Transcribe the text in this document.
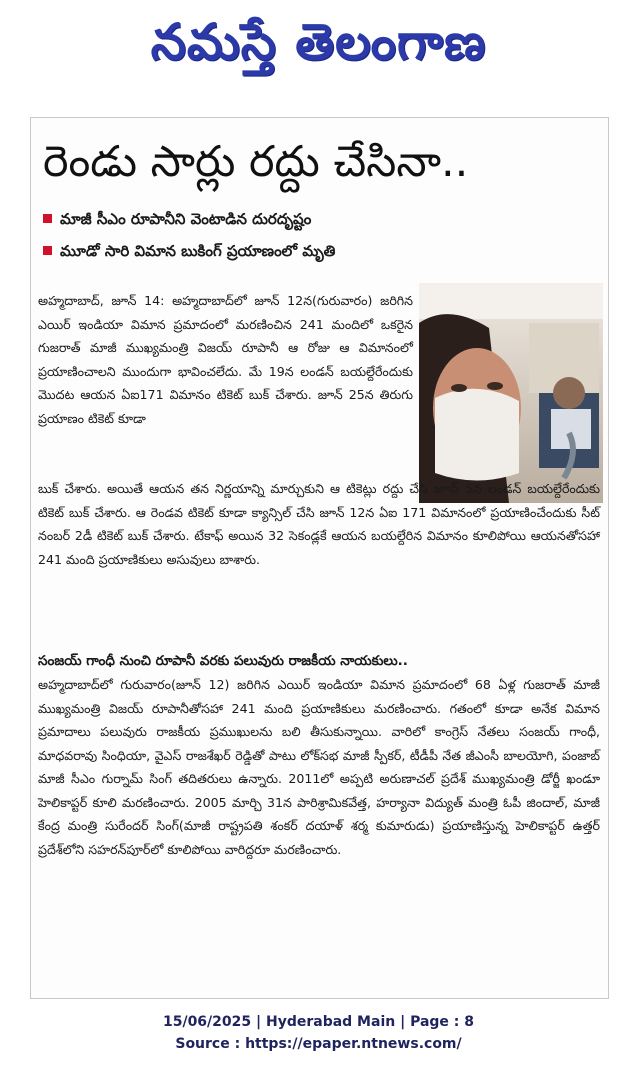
నమస్తే తెలంగాణ
రెండు సార్లు రద్దు చేసినా..
మాజీ సీఎం రూపానీని వెంటాడిన దురదృష్టం
మూడో సారి విమాన బుకింగ్ ప్రయాణంలో మృతి

అహ్మదాబాద్, జూన్ 14: అహ్మదాబాద్‌లో జూన్ 12న(గురువారం) జరిగిన ఎయిర్ ఇండియా విమాన ప్రమాదంలో మరణించిన 241 మందిలో ఒకరైన గుజరాత్ మాజీ ముఖ్యమంత్రి విజయ్ రూపానీ ఆ రోజు ఆ విమానంలో ప్రయాణించాలని ముందుగా భావించలేదు. మే 19న లండన్ బయల్దేరేందుకు మొదట ఆయన ఏఐ171 విమానం టికెట్ బుక్ చేశారు. జూన్ 25న తిరుగు ప్రయాణం టికెట్ కూడా

బుక్ చేశారు. అయితే ఆయన తన నిర్ణయాన్ని మార్చుకుని ఆ టికెట్లు రద్దు చేసి జూన్ 5న లండన్ బయల్దేరేందుకు టికెట్ బుక్ చేశారు. ఆ రెండవ టికెట్ కూడా క్యాన్సిల్ చేసి జూన్ 12న ఏఐ 171 విమానంలో ప్రయాణించేందుకు సీట్ నంబర్ 2డీ టికెట్ బుక్ చేశారు. టేకాఫ్ అయిన 32 సెకండ్లకే ఆయన బయల్దేరిన విమానం కూలిపోయి ఆయనతోసహా 241 మంది ప్రయాణికులు అసువులు బాశారు.

సంజయ్ గాంధీ నుంచి రూపానీ వరకు పలువురు రాజకీయ నాయకులు..

అహ్మదాబాద్‌లో గురువారం(జూన్ 12) జరిగిన ఎయిర్ ఇండియా విమాన ప్రమాదంలో 68 ఏళ్ల గుజరాత్ మాజీ ముఖ్యమంత్రి విజయ్ రూపానీతోసహా 241 మంది ప్రయాణికులు మరణించారు. గతంలో కూడా అనేక విమాన ప్రమాదాలు పలువురు రాజకీయ ప్రముఖులను బలి తీసుకున్నాయి. వారిలో కాంగ్రెస్ నేతలు సంజయ్ గాంధీ, మాధవరావు సింధియా, వైఎస్ రాజశేఖర్ రెడ్డితో పాటు లోక్‌సభ మాజీ స్పీకర్, టీడీపీ నేత జీఎంసీ బాలయోగి, పంజాబ్ మాజీ సీఎం గుర్నామ్ సింగ్ తదితరులు ఉన్నారు. 2011లో అప్పటి అరుణాచల్ ప్రదేశ్ ముఖ్యమంత్రి డోర్జీ ఖండూ హెలికాప్టర్ కూలి మరణించారు. 2005 మార్చి 31న పారిశ్రామికవేత్త, హర్యానా విద్యుత్ మంత్రి ఓపీ జిందాల్, మాజీ కేంద్ర మంత్రి సురేందర్ సింగ్(మాజీ రాష్ట్రపతి శంకర్ దయాళ్ శర్మ కుమారుడు) ప్రయాణిస్తున్న హెలికాప్టర్ ఉత్తర్ ప్రదేశ్‌లోని సహరన్‌పూర్‌లో కూలిపోయి వారిద్దరూ మరణించారు.

15/06/2025 | Hyderabad Main | Page : 8
Source : https://epaper.ntnews.com/
